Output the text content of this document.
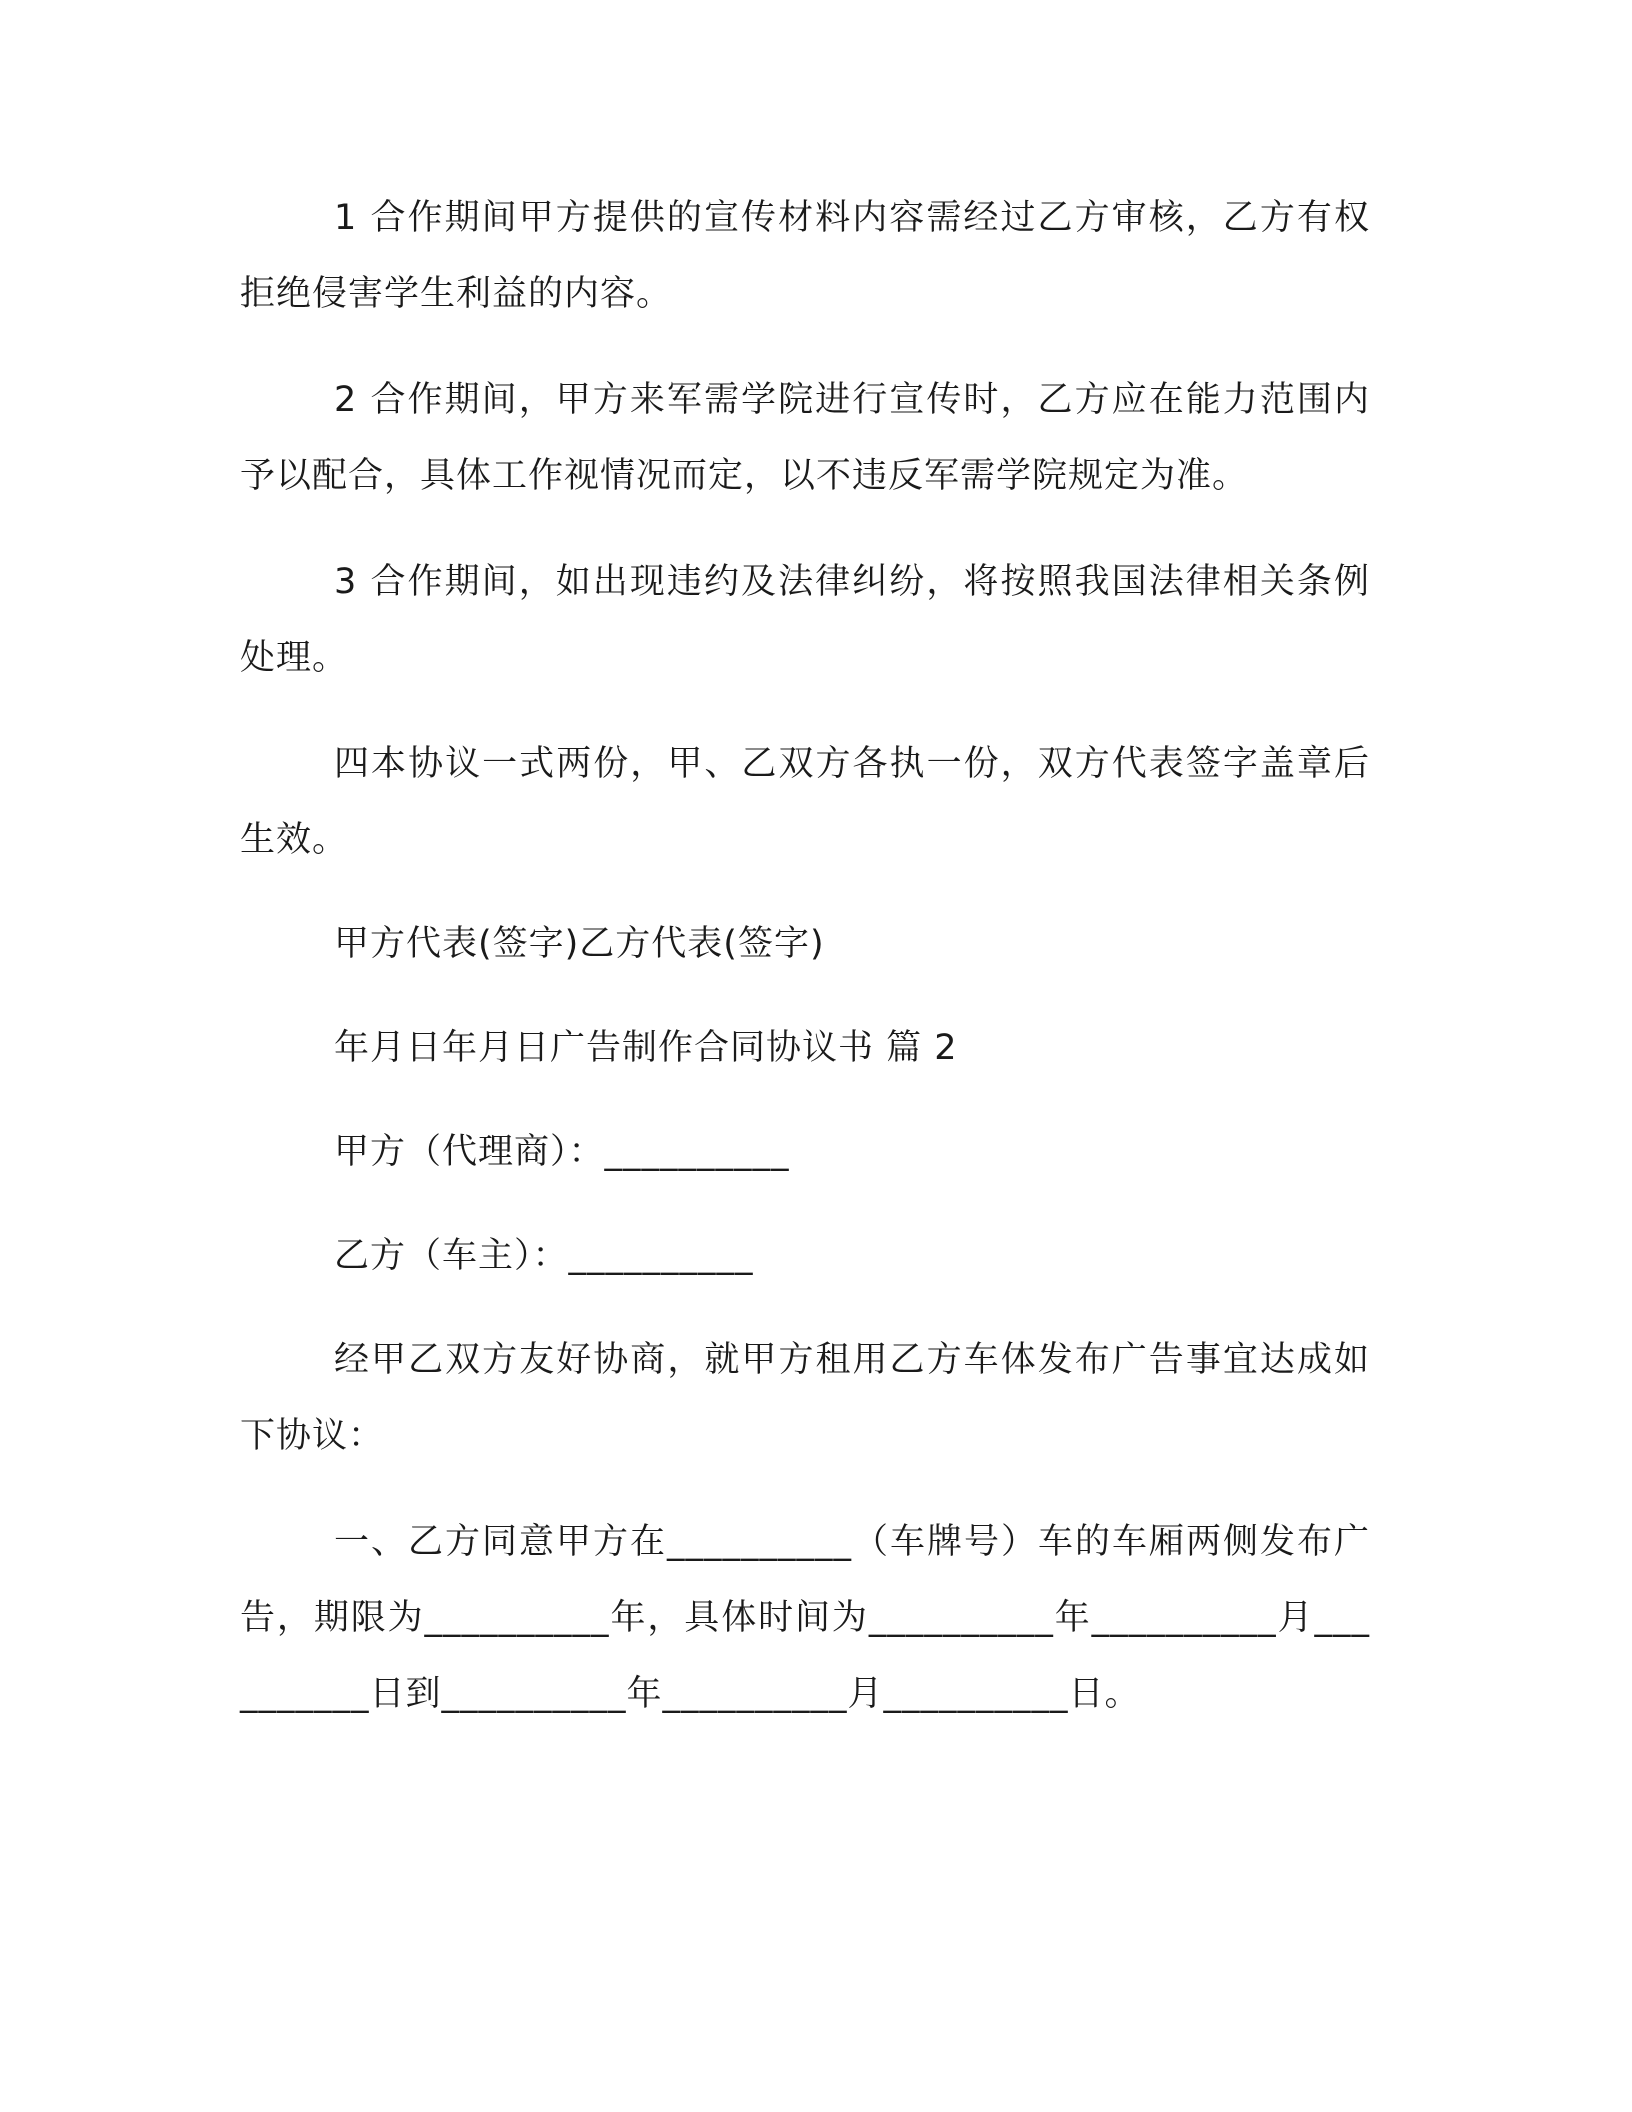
1 合作期间甲方提供的宣传材料内容需经过乙方审核，乙方有权拒绝侵害学生利益的内容。

2 合作期间，甲方来军需学院进行宣传时，乙方应在能力范围内予以配合，具体工作视情况而定，以不违反军需学院规定为准。

3 合作期间，如出现违约及法律纠纷，将按照我国法律相关条例处理。

四本协议一式两份，甲、乙双方各执一份，双方代表签字盖章后生效。

甲方代表(签字)乙方代表(签字)

年月日年月日广告制作合同协议书 篇 2

甲方（代理商）：__________

乙方（车主）：__________

经甲乙双方友好协商，就甲方租用乙方车体发布广告事宜达成如下协议：

一、乙方同意甲方在__________（车牌号）车的车厢两侧发布广告，期限为__________年，具体时间为__________年__________月__________日到__________年__________月__________日。
